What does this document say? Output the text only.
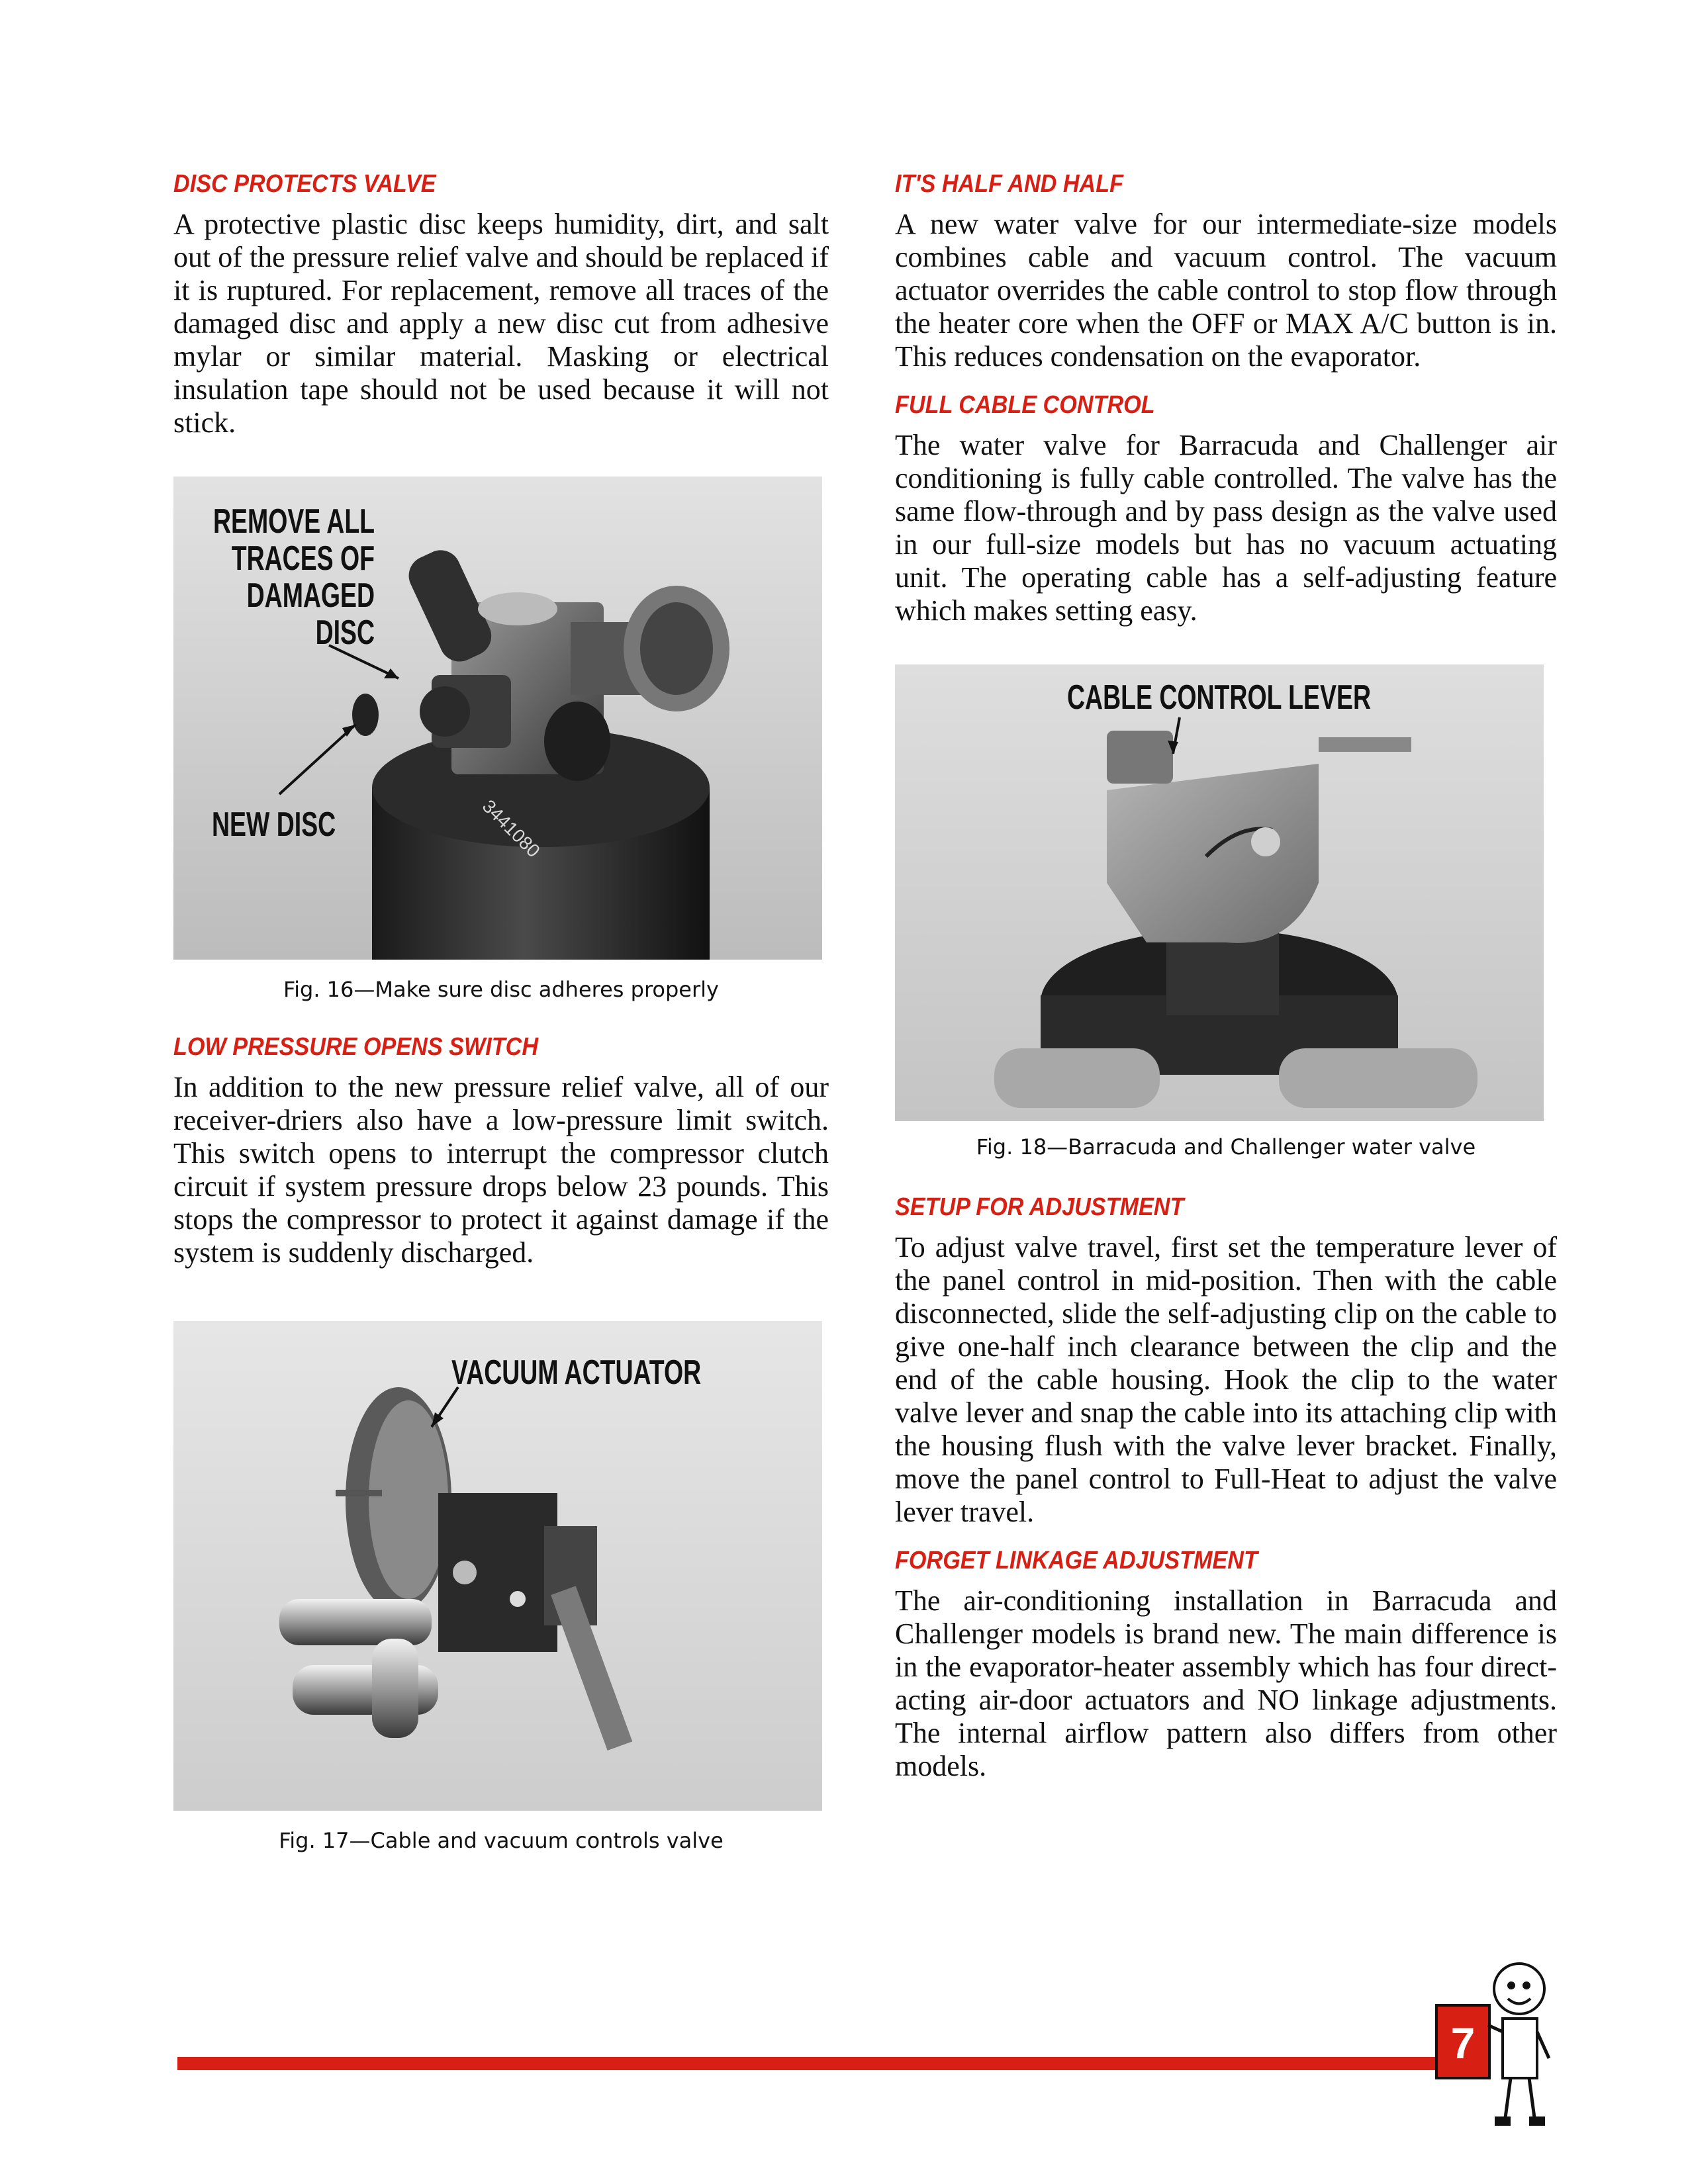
DISC PROTECTS VALVE

A protective plastic disc keeps humidity, dirt, and salt out of the pressure relief valve and should be replaced if it is ruptured. For replacement, remove all traces of the damaged disc and apply a new disc cut from adhesive mylar or similar material. Masking or electrical insulation tape should not be used because it will not stick.

3441080
REMOVE ALL
TRACES OF
DAMAGED
DISC
NEW DISC
Fig. 16—Make sure disc adheres properly
LOW PRESSURE OPENS SWITCH

In addition to the new pressure relief valve, all of our receiver-driers also have a low-pressure limit switch. This switch opens to interrupt the compressor clutch circuit if system pressure drops below 23 pounds. This stops the compressor to protect it against damage if the system is suddenly discharged.

VACUUM ACTUATOR
Fig. 17—Cable and vacuum controls valve
IT'S HALF AND HALF

A new water valve for our intermediate-size models combines cable and vacuum control. The vacuum actuator overrides the cable control to stop flow through the heater core when the OFF or MAX A/C button is in. This reduces condensation on the evaporator.

FULL CABLE CONTROL

The water valve for Barracuda and Challenger air conditioning is fully cable controlled. The valve has the same flow-through and by pass design as the valve used in our full-size models but has no vacuum actuating unit. The operating cable has a self-adjusting feature which makes setting easy.

CABLE CONTROL LEVER
Fig. 18—Barracuda and Challenger water valve
SETUP FOR ADJUSTMENT

To adjust valve travel, first set the temperature lever of the panel control in mid-position. Then with the cable disconnected, slide the self-adjusting clip on the cable to give one-half inch clearance between the clip and the end of the cable housing. Hook the clip to the water valve lever and snap the cable into its attaching clip with the housing flush with the valve lever bracket. Finally, move the panel control to Full-Heat to adjust the valve lever travel.

FORGET LINKAGE ADJUSTMENT

The air-conditioning installation in Barracuda and Challenger models is brand new. The main difference is in the evaporator-heater assembly which has four direct-acting air-door actuators and NO linkage adjustments. The internal airflow pattern also differs from other models.

7
